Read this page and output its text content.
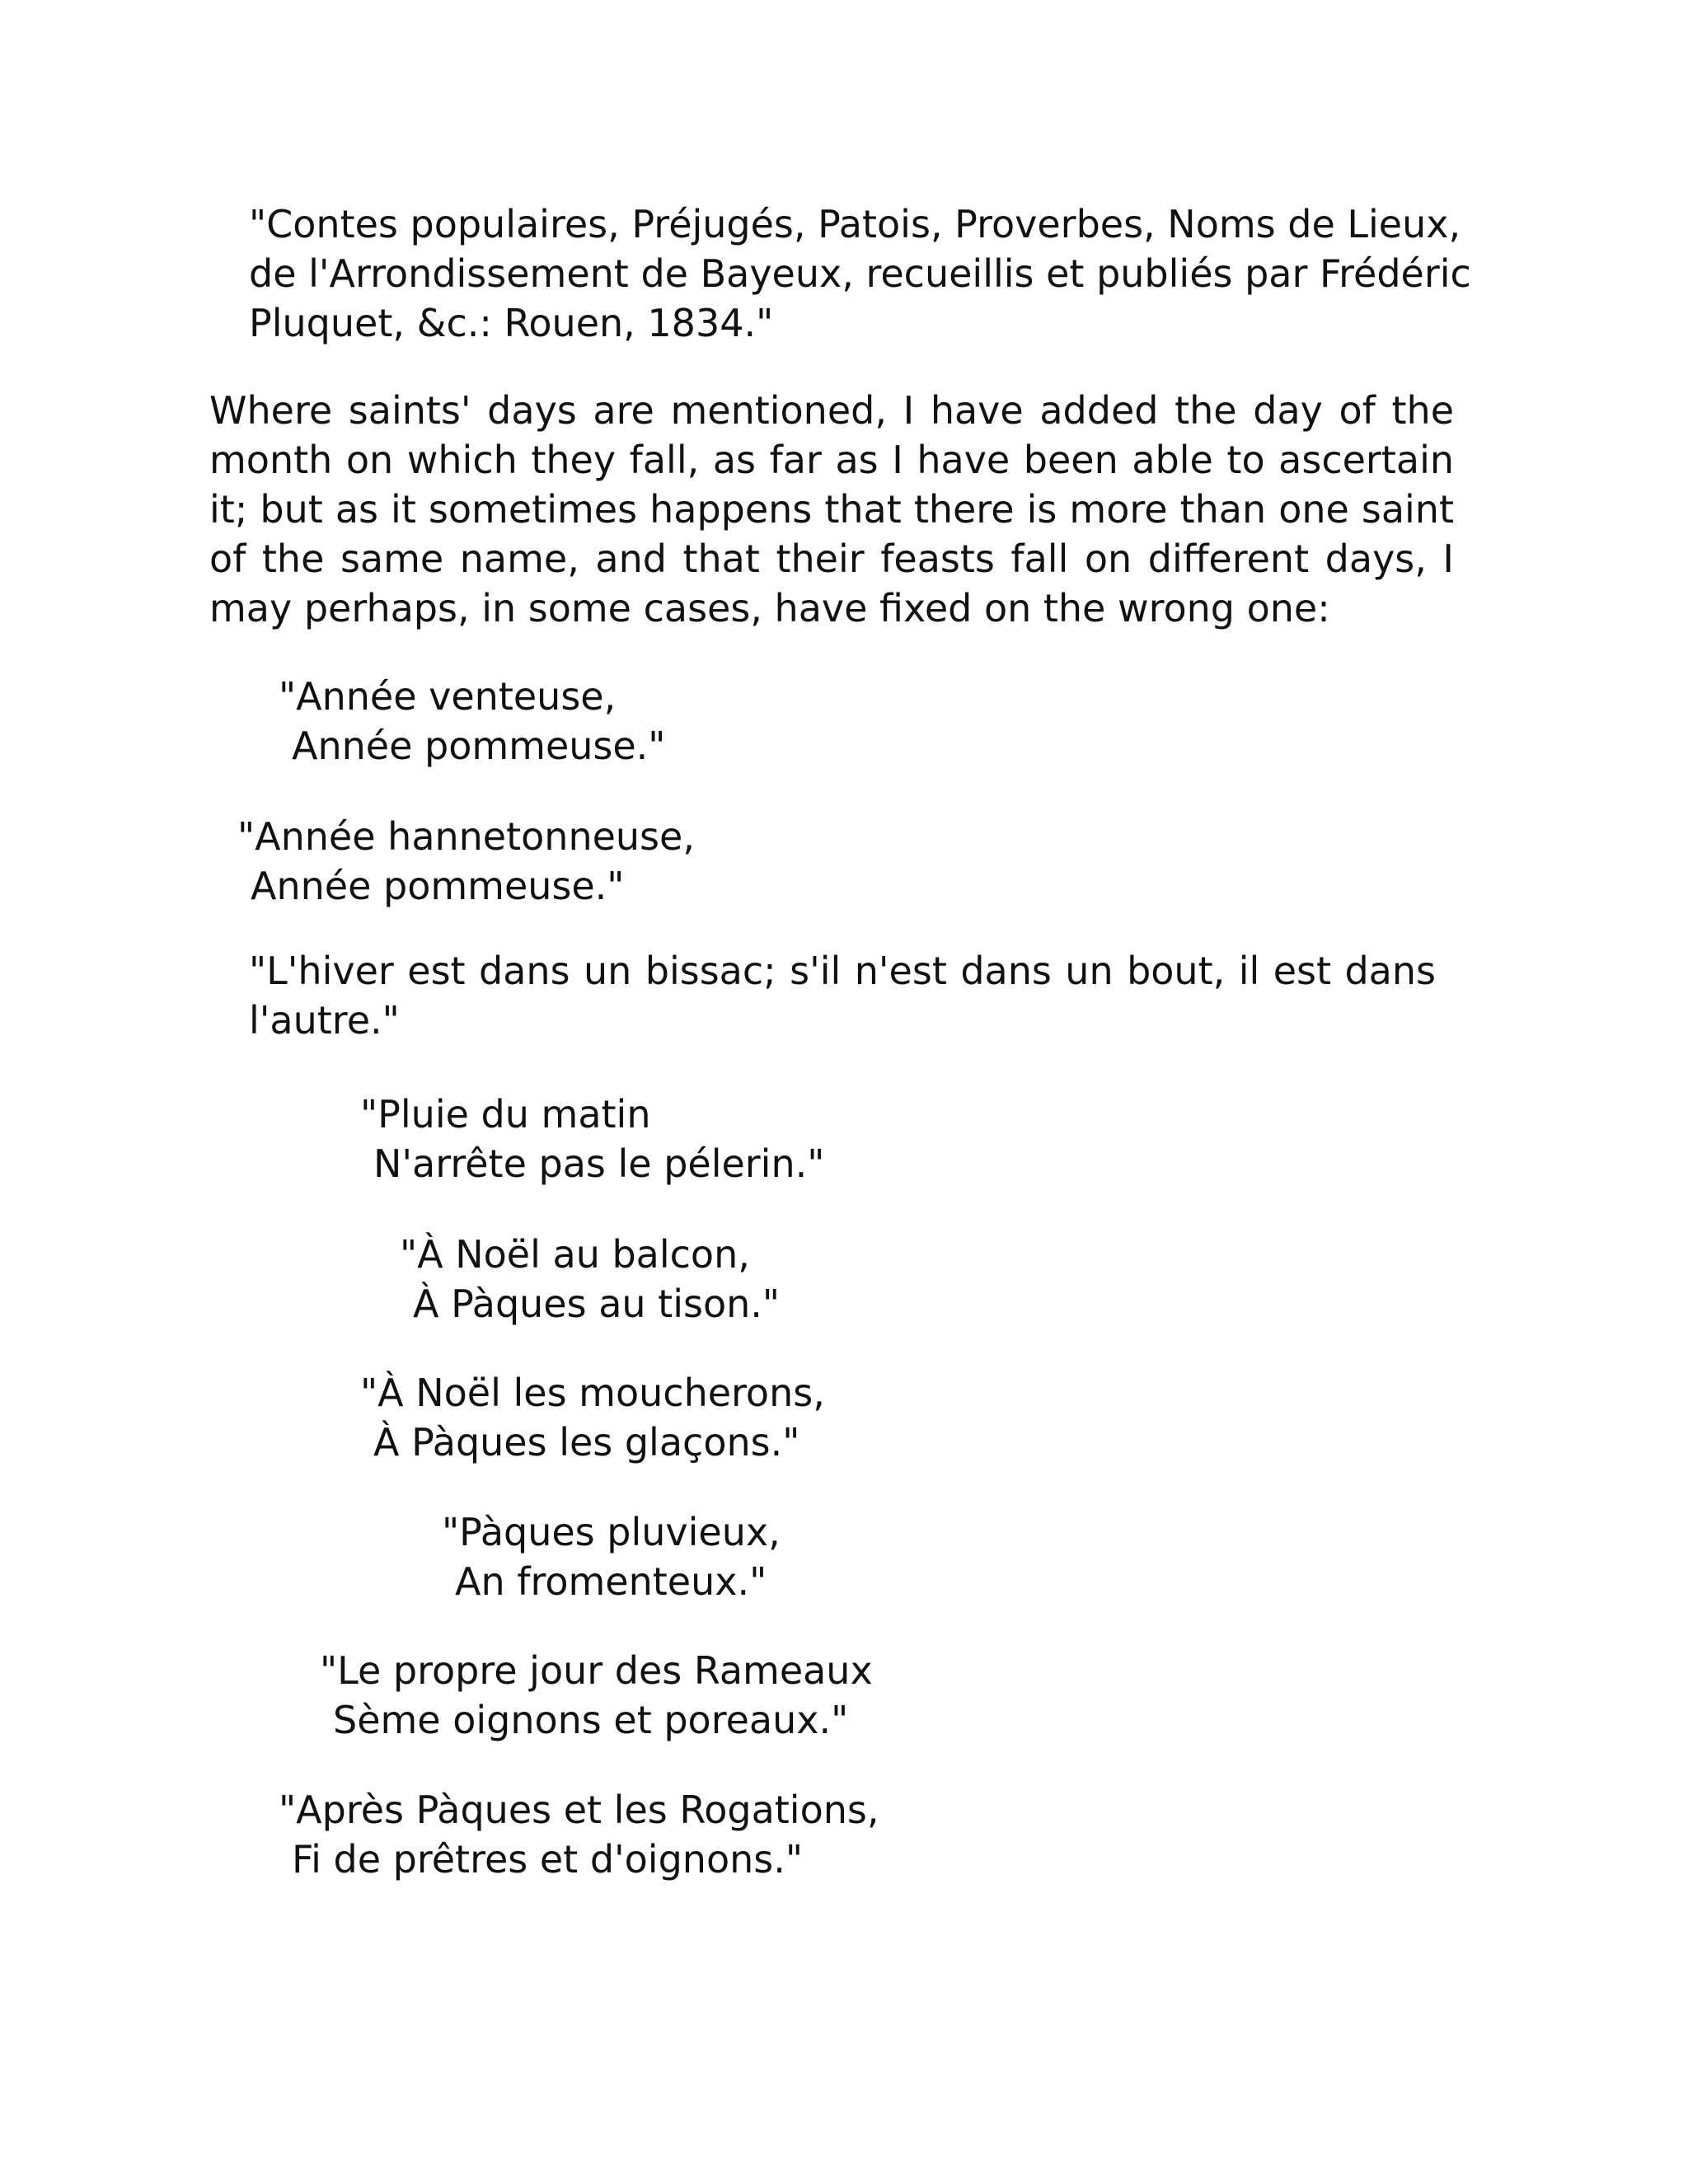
"Contes populaires, Préjugés, Patois, Proverbes, Noms de Lieux,
de l'Arrondissement de Bayeux, recueillis et publiés par Frédéric
Pluquet, &c.: Rouen, 1834."

Where saints' days are mentioned, I have added the day of the month on which they fall, as far as I have been able to ascertain it; but as it sometimes happens that there is more than one saint of the same name, and that their feasts fall on different days, I may perhaps, in some cases, have fixed on the wrong one:

"Année venteuse,
Année pommeuse."
"Année hannetonneuse,
Année pommeuse."

"L'hiver est dans un bissac; s'il n'est dans un bout, il est dans l'autre."

"Pluie du matin
N'arrête pas le pélerin."
"À Noël au balcon,
À Pàques au tison."
"À Noël les moucherons,
À Pàques les glaçons."
"Pàques pluvieux,
An fromenteux."
"Le propre jour des Rameaux
Sème oignons et poreaux."
"Après Pàques et les Rogations,
Fi de prêtres et d'oignons."
